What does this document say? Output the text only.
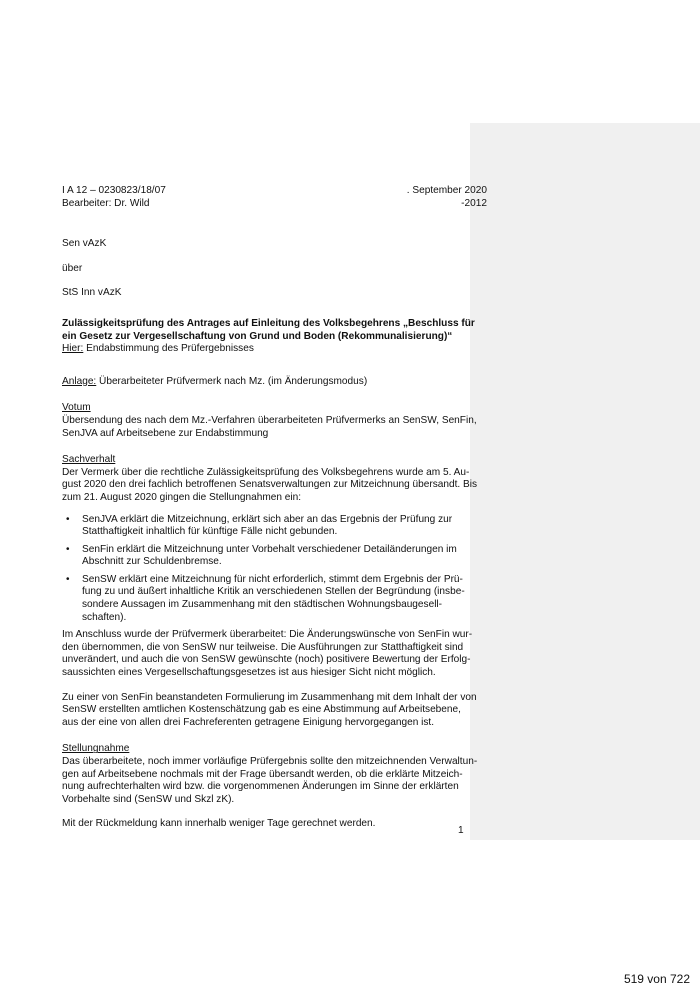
I A 12 – 0230823/18/07	. September 2020
Bearbeiter: Dr. Wild	-2012

Sen vAzK

über

StS Inn vAzK

Zulässigkeitsprüfung des Antrages auf Einleitung des Volksbegehrens „Beschluss für

ein Gesetz zur Vergesellschaftung von Grund und Boden (Rekommunalisierung)“

Hier: Endabstimmung des Prüfergebnisses

Anlage: Überarbeiteter Prüfvermerk nach Mz. (im Änderungsmodus)

Votum

Übersendung des nach dem Mz.-Verfahren überarbeiteten Prüfvermerks an SenSW, SenFin,

SenJVA auf Arbeitsebene zur Endabstimmung

Sachverhalt

Der Vermerk über die rechtliche Zulässigkeitsprüfung des Volksbegehrens wurde am 5. Au-

gust 2020 den drei fachlich betroffenen Senatsverwaltungen zur Mitzeichnung übersandt. Bis

zum 21. August 2020 gingen die Stellungnahmen ein:

• SenJVA erklärt die Mitzeichnung, erklärt sich aber an das Ergebnis der Prüfung zur
Statthaftigkeit inhaltlich für künftige Fälle nicht gebunden.
• SenFin erklärt die Mitzeichnung unter Vorbehalt verschiedener Detailänderungen im
Abschnitt zur Schuldenbremse.
• SenSW erklärt eine Mitzeichnung für nicht erforderlich, stimmt dem Ergebnis der Prü-
fung zu und äußert inhaltliche Kritik an verschiedenen Stellen der Begründung (insbe-
sondere Aussagen im Zusammenhang mit den städtischen Wohnungsbaugesell-
schaften).

Im Anschluss wurde der Prüfvermerk überarbeitet: Die Änderungswünsche von SenFin wur-

den übernommen, die von SenSW nur teilweise. Die Ausführungen zur Statthaftigkeit sind

unverändert, und auch die von SenSW gewünschte (noch) positivere Bewertung der Erfolg-

saussichten eines Vergesellschaftungsgesetzes ist aus hiesiger Sicht nicht möglich.

Zu einer von SenFin beanstandeten Formulierung im Zusammenhang mit dem Inhalt der von

SenSW erstellten amtlichen Kostenschätzung gab es eine Abstimmung auf Arbeitsebene,

aus der eine von allen drei Fachreferenten getragene Einigung hervorgegangen ist.

Stellungnahme

Das überarbeitete, noch immer vorläufige Prüfergebnis sollte den mitzeichnenden Verwaltun-

gen auf Arbeitsebene nochmals mit der Frage übersandt werden, ob die erklärte Mitzeich-

nung aufrechterhalten wird bzw. die vorgenommenen Änderungen im Sinne der erklärten

Vorbehalte sind (SenSW und Skzl zK).

Mit der Rückmeldung kann innerhalb weniger Tage gerechnet werden.

1
519 von 722
